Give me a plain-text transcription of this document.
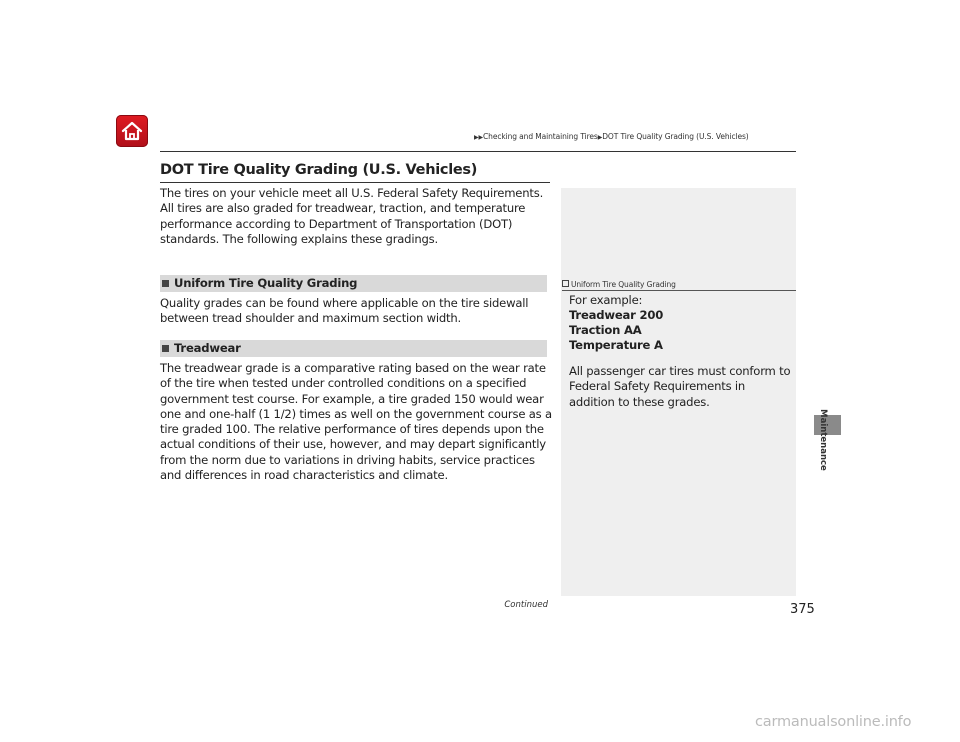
▶▶Checking and Maintaining Tires▶DOT Tire Quality Grading (U.S. Vehicles)
DOT Tire Quality Grading (U.S. Vehicles)

The tires on your vehicle meet all U.S. Federal Safety Requirements. All tires are also graded for treadwear, traction, and temperature performance according to Department of Transportation (DOT) standards. The following explains these gradings.

Uniform Tire Quality Grading

Quality grades can be found where applicable on the tire sidewall between tread shoulder and maximum section width.

Treadwear

The treadwear grade is a comparative rating based on the wear rate of the tire when tested under controlled conditions on a specified government test course. For example, a tire graded 150 would wear one and one-half (1 1/2) times as well on the government course as a tire graded 100. The relative performance of tires depends upon the actual conditions of their use, however, and may depart significantly from the norm due to variations in driving habits, service practices and differences in road characteristics and climate.

Uniform Tire Quality Grading

For example:

Treadwear 200

Traction AA

Temperature A

All passenger car tires must conform to Federal Safety Requirements in addition to these grades.

Maintenance
Continued	375
carmanualsonline.info
